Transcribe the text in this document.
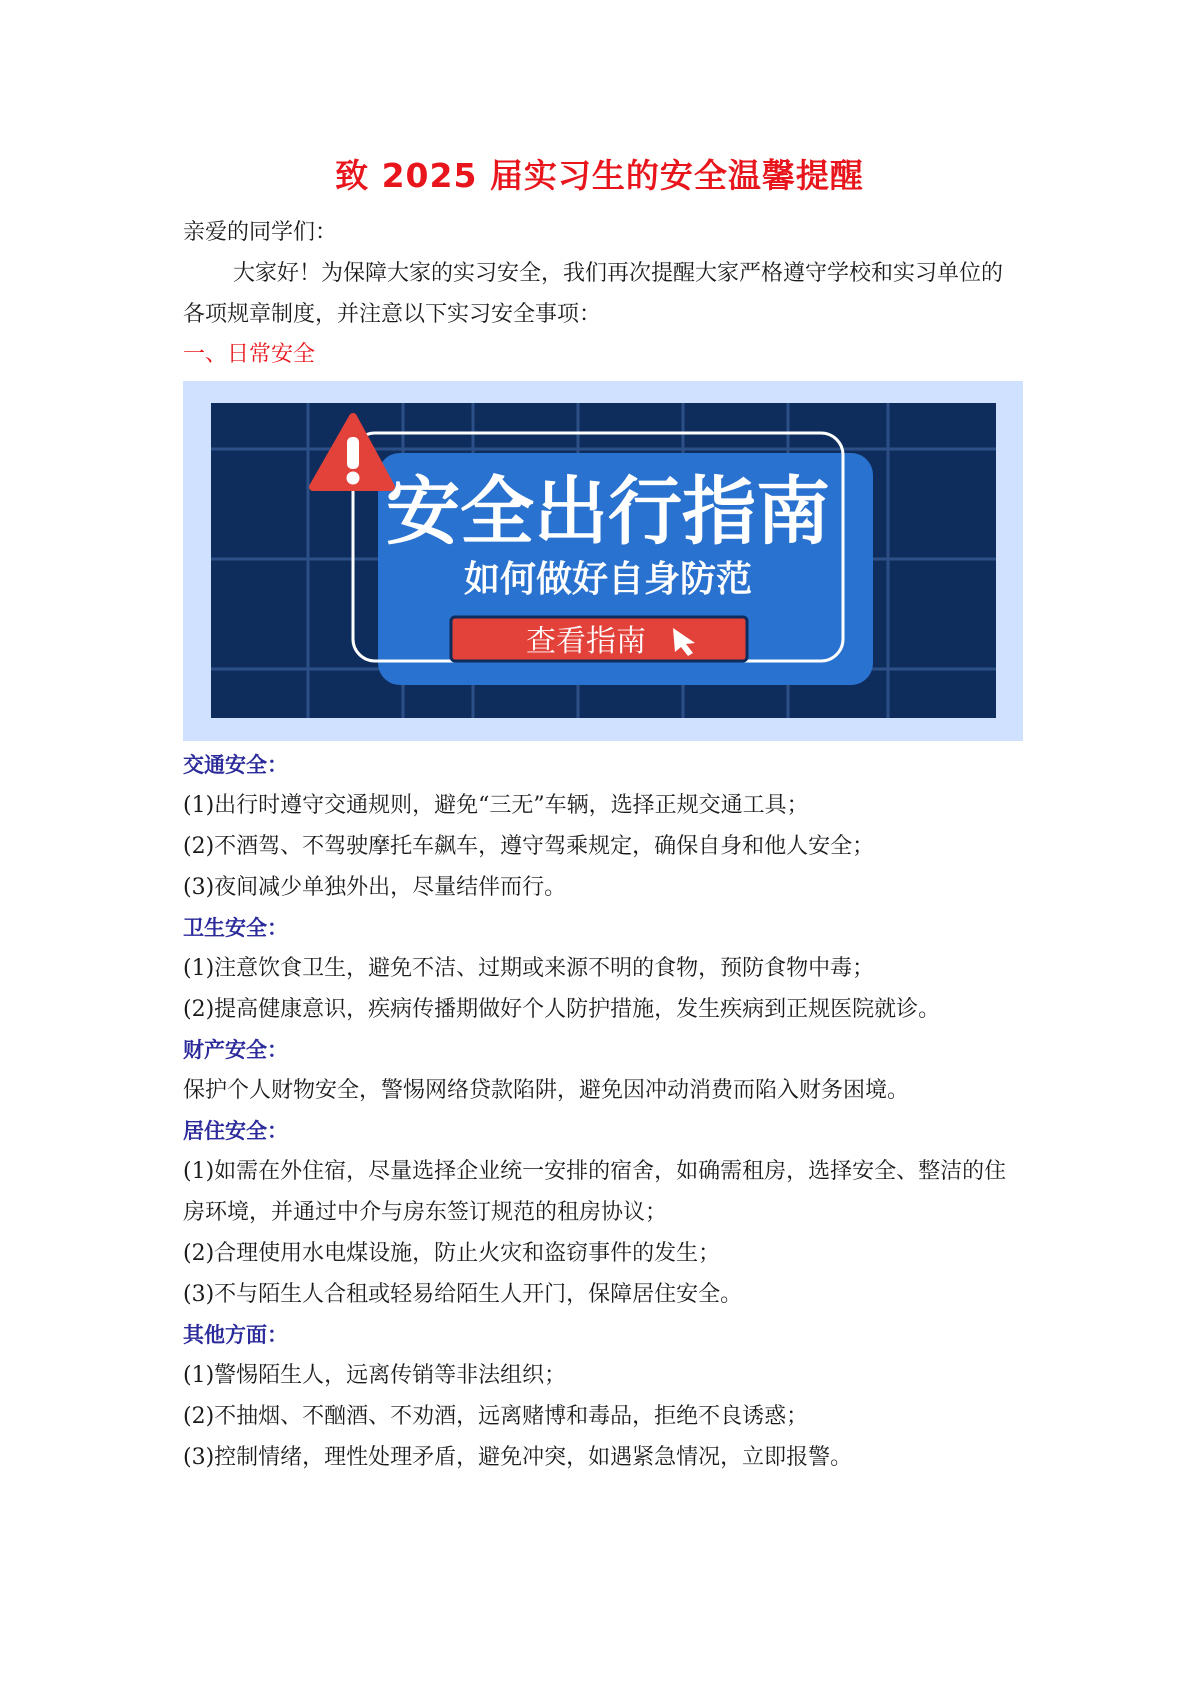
致 2025 届实习生的安全温馨提醒

亲爱的同学们：

大家好！为保障大家的实习安全，我们再次提醒大家严格遵守学校和实习单位的各项规章制度，并注意以下实习安全事项：

一、日常安全

安全出行指南
如何做好自身防范
查看指南

交通安全：

(1)出行时遵守交通规则，避免“三无”车辆，选择正规交通工具；

(2)不酒驾、不驾驶摩托车飙车，遵守驾乘规定，确保自身和他人安全；

(3)夜间减少单独外出，尽量结伴而行。

卫生安全：

(1)注意饮食卫生，避免不洁、过期或来源不明的食物，预防食物中毒；

(2)提高健康意识，疾病传播期做好个人防护措施，发生疾病到正规医院就诊。

财产安全：

保护个人财物安全，警惕网络贷款陷阱，避免因冲动消费而陷入财务困境。

居住安全：

(1)如需在外住宿，尽量选择企业统一安排的宿舍，如确需租房，选择安全、整洁的住房环境，并通过中介与房东签订规范的租房协议；

(2)合理使用水电煤设施，防止火灾和盗窃事件的发生；

(3)不与陌生人合租或轻易给陌生人开门，保障居住安全。

其他方面：

(1)警惕陌生人，远离传销等非法组织；

(2)不抽烟、不酗酒、不劝酒，远离赌博和毒品，拒绝不良诱惑；

(3)控制情绪，理性处理矛盾，避免冲突，如遇紧急情况，立即报警。
